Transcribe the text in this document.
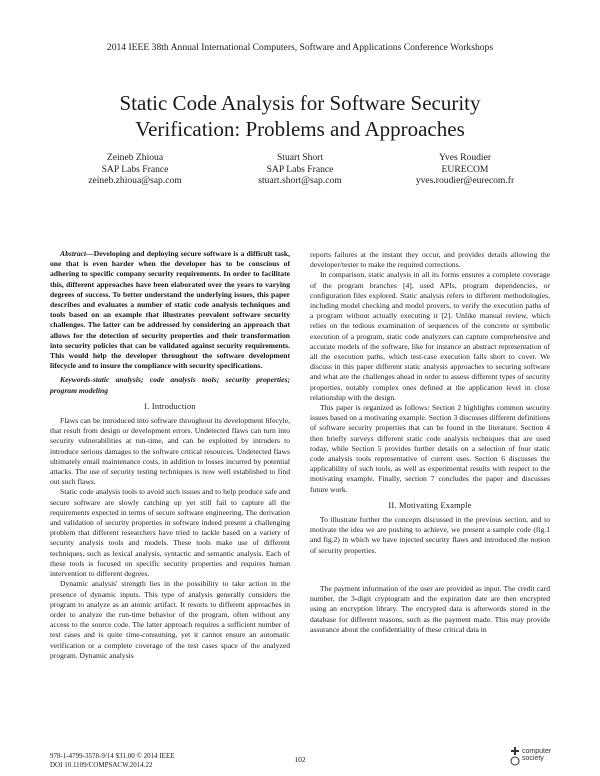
2014 IEEE 38th Annual International Computers, Software and Applications Conference Workshops
Static Code Analysis for Software Security
Verification: Problems and Approaches
Zeineb Zhioua
SAP Labs France
zeineb.zhioua@sap.com
Stuart Short
SAP Labs France
stuart.short@sap.com
Yves Roudier
EURECOM
yves.roudier@eurecom.fr

Abstract—Developing and deploying secure software is a difficult task, one that is even harder when the developer has to be conscious of adhering to specific company security requirements. In order to facilitate this, different approaches have been elaborated over the years to varying degrees of success. To better understand the underlying issues, this paper describes and evaluates a number of static code analysis techniques and tools based on an example that illustrates prevalent software security challenges. The latter can be addressed by considering an approach that allows for the detection of security properties and their transformation into security policies that can be validated against security requirements. This would help the developer throughout the software development lifecycle and to insure the compliance with security specifications.

Keywords-static analysis; code analysis tools; security properties; program modeling

I. Introduction

Flaws can be introduced into software throughout its development lifecyle, that result from design or development errors. Undetected flaws can turn into security vulnerabilities at run-time, and can be exploited by intruders to introduce serious damages to the software critical resources. Undetected flaws ultimately entail maintenance costs, in addition to losses incurred by potential attacks. The use of security testing techniques is now well established to find out such flaws.

Static code analysis tools to avoid such issues and to help produce safe and secure software are slowly catching up yet still fail to capture all the requirements expected in terms of secure software engineering. The derivation and validation of security properties in software indeed present a challenging problem that different researchers have tried to tackle based on a variety of security analysis tools and models. These tools make use of different techniques, such as lexical analysis, syntactic and semantic analysis. Each of these tools is focused on specific security properties and requires human intervention to different degrees.

Dynamic analysis' strength lies in the possibility to take action in the presence of dynamic inputs. This type of analysis generally considers the program to analyze as an atomic artifact. It resorts to different approaches in order to analyze the run-time behavior of the program, often without any access to the source code. The latter approach requires a sufficient number of test cases and is quite time-consuming, yet it cannot ensure an automatic verification or a complete coverage of the test cases space of the analyzed program. Dynamic analysis

reports failures at the instant they occur, and provides details allowing the developer/tester to make the required corrections.

In comparison, static analysis in all its forms ensures a complete coverage of the program branches [4], used APIs, program dependencies, or configuration files explored. Static analysis refers to different methodologies, including model checking and model provers, to verify the execution paths of a program without actually executing it [2]. Unlike manual review, which relies on the tedious examination of sequences of the concrete or symbolic execution of a program, static code analyzers can capture comprehensive and accurate models of the software, like for instance an abstract representation of all the execution paths, which test-case execution falls short to cover. We discuss in this paper different static analysis approaches to securing software and what are the challenges ahead in order to assess different types of security properties, notably complex ones defined at the application level in close relationship with the design.

This paper is organized as follows: Section 2 highlights common security issues based on a motivating example. Section 3 discusses different definitions of software security properties that can be found in the literature. Section 4 then briefly surveys different static code analysis techniques that are used today, while Section 5 provides further details on a selection of four static code analysis tools representative of current uses. Section 6 discusses the applicability of such tools, as well as experimental results with respect to the motivating example. Finally, section 7 concludes the paper and discusses future work.

II. Motivating Example

To illustrate further the concepts discussed in the previous section, and to motivate the idea we are pushing to achieve, we present a sample code (fig.1 and fig.2) in which we have injected security flaws and introduced the notion of security properties.

The payment information of the user are provided as input. The credit card number, the 3-digit cryptogram and the expiration date are then encrypted using an encryption library. The encrypted data is afterwords stored in the database for different reasons, such as the payment made. This may provide assurance about the confidentiality of these critical data in

978-1-4799-3578-9/14 $31.00 © 2014 IEEE
DOI 10.1109/COMPSACW.2014.22
102
computer
society
